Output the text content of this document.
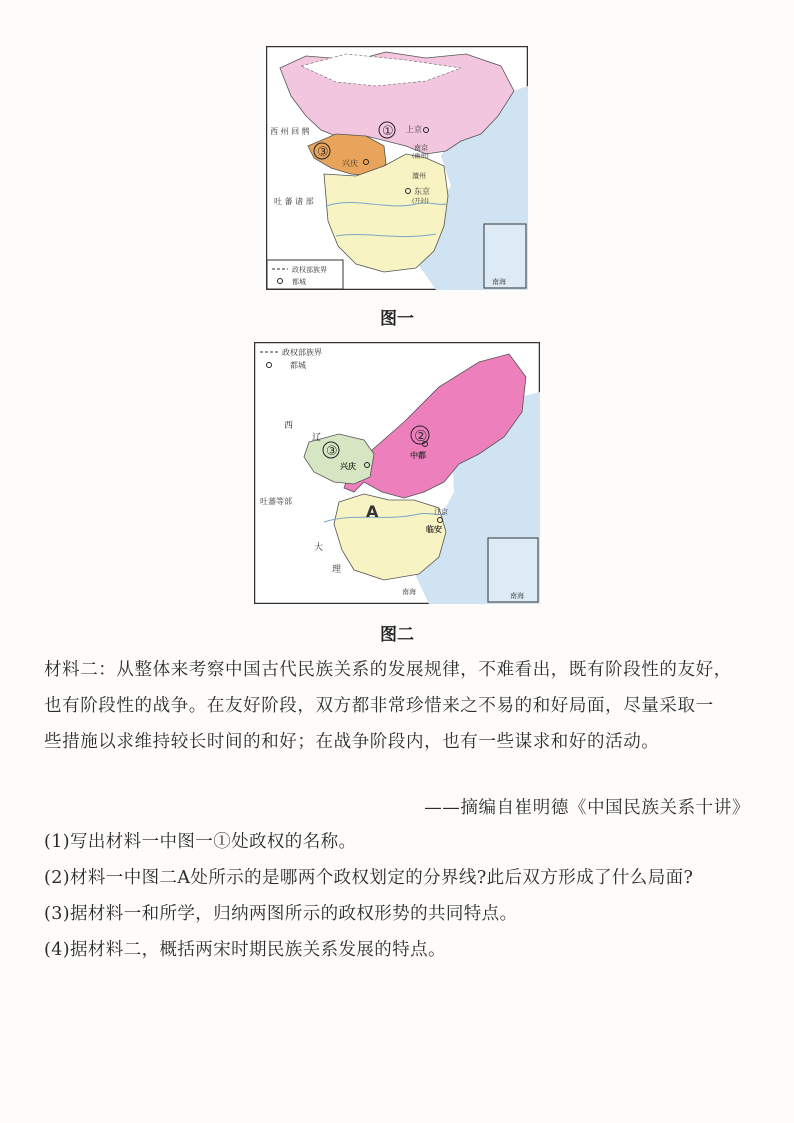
南海
①
③
西 州 回 鹘
吐 蕃 诸 部
上京
南京
(幽州)
兴庆
澶州
东京
(开封)
政权部族界
都城
图一
南海
②
③
A
西
辽
吐蕃等部
大
理
中都
兴庆
汴京
临安
南海
政权部族界
都城
图二
材料二：从整体来考察中国古代民族关系的发展规律，不难看出，既有阶段性的友好，
也有阶段性的战争。在友好阶段，双方都非常珍惜来之不易的和好局面，尽量采取一
些措施以求维持较长时间的和好；在战争阶段内，也有一些谋求和好的活动。
——摘编自崔明德《中国民族关系十讲》
(1)写出材料一中图一①处政权的名称。
(2)材料一中图二A处所示的是哪两个政权划定的分界线?此后双方形成了什么局面?
(3)据材料一和所学，归纳两图所示的政权形势的共同特点。
(4)据材料二，概括两宋时期民族关系发展的特点。
